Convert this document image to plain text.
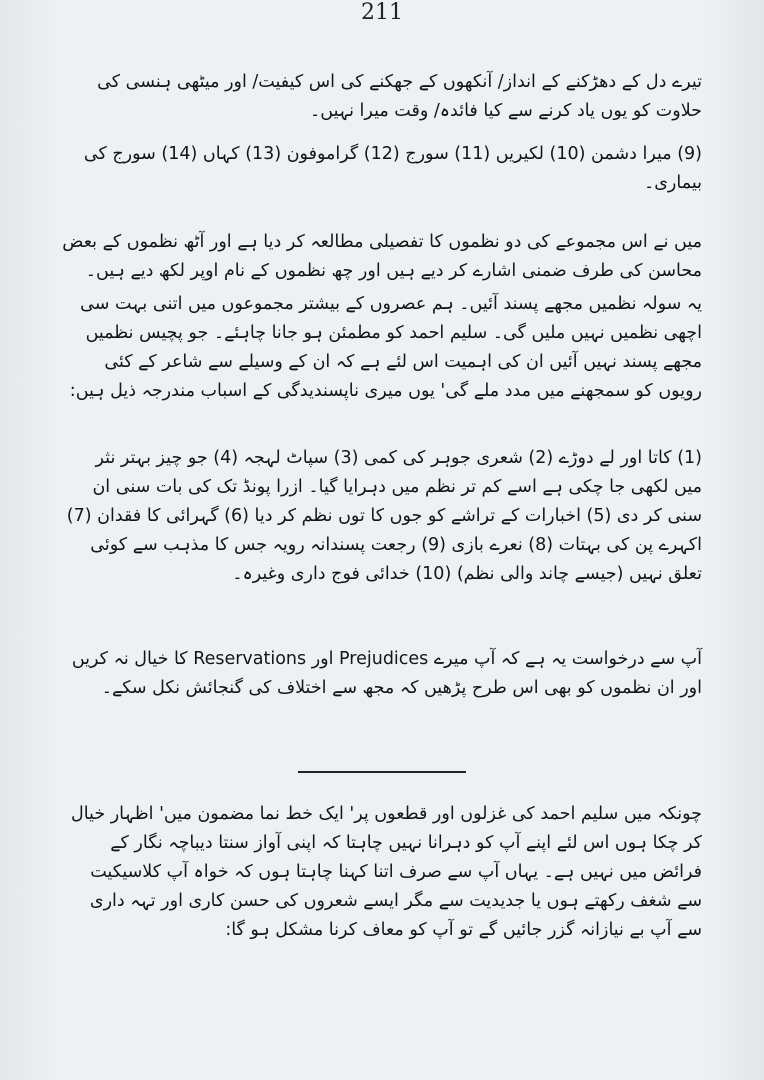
211

تیرے دل کے دھڑکنے کے انداز/ آنکھوں کے جھکنے کی اس کیفیت/ اور میٹھی ہنسی کی حلاوت کو یوں یاد کرنے سے کیا فائدہ/ وقت میرا نہیں۔

(9) میرا دشمن (10) لکیریں (11) سورج (12) گراموفون (13) کہاں (14) سورج کی بیماری۔

میں نے اس مجموعے کی دو نظموں کا تفصیلی مطالعہ کر دیا ہے اور آٹھ نظموں کے بعض محاسن کی طرف ضمنی اشارے کر دیے ہیں اور چھ نظموں کے نام اوپر لکھ دیے ہیں۔

یہ سولہ نظمیں مجھے پسند آئیں۔ ہم عصروں کے بیشتر مجموعوں میں اتنی بہت سی اچھی نظمیں نہیں ملیں گی۔ سلیم احمد کو مطمئن ہو جانا چاہئے۔ جو پچیس نظمیں مجھے پسند نہیں آئیں ان کی اہمیت اس لئے ہے کہ ان کے وسیلے سے شاعر کے کئی رویوں کو سمجھنے میں مدد ملے گی' یوں میری ناپسندیدگی کے اسباب مندرجہ ذیل ہیں:

(1) کاتا اور لے دوڑے (2) شعری جوہر کی کمی (3) سپاٹ لہجہ (4) جو چیز بہتر نثر میں لکھی جا چکی ہے اسے کم تر نظم میں دہرایا گیا۔ ازرا پونڈ تک کی بات سنی ان سنی کر دی (5) اخبارات کے تراشے کو جوں کا توں نظم کر دیا (6) گہرائی کا فقدان (7) اکہرے پن کی بہتات (8) نعرے بازی (9) رجعت پسندانہ رویہ جس کا مذہب سے کوئی تعلق نہیں (جیسے چاند والی نظم) (10) خدائی فوج داری وغیرہ۔

آپ سے درخواست یہ ہے کہ آپ میرے Prejudices اور Reservations کا خیال نہ کریں اور ان نظموں کو بھی اس طرح پڑھیں کہ مجھ سے اختلاف کی گنجائش نکل سکے۔

چونکہ میں سلیم احمد کی غزلوں اور قطعوں پر' ایک خط نما مضمون میں' اظہار خیال کر چکا ہوں اس لئے اپنے آپ کو دہرانا نہیں چاہتا کہ اپنی آواز سنتا دیباچہ نگار کے فرائض میں نہیں ہے۔ یہاں آپ سے صرف اتنا کہنا چاہتا ہوں کہ خواہ آپ کلاسیکیت سے شغف رکھتے ہوں یا جدیدیت سے مگر ایسے شعروں کی حسن کاری اور تہہ داری سے آپ بے نیازانہ گزر جائیں گے تو آپ کو معاف کرنا مشکل ہو گا:
